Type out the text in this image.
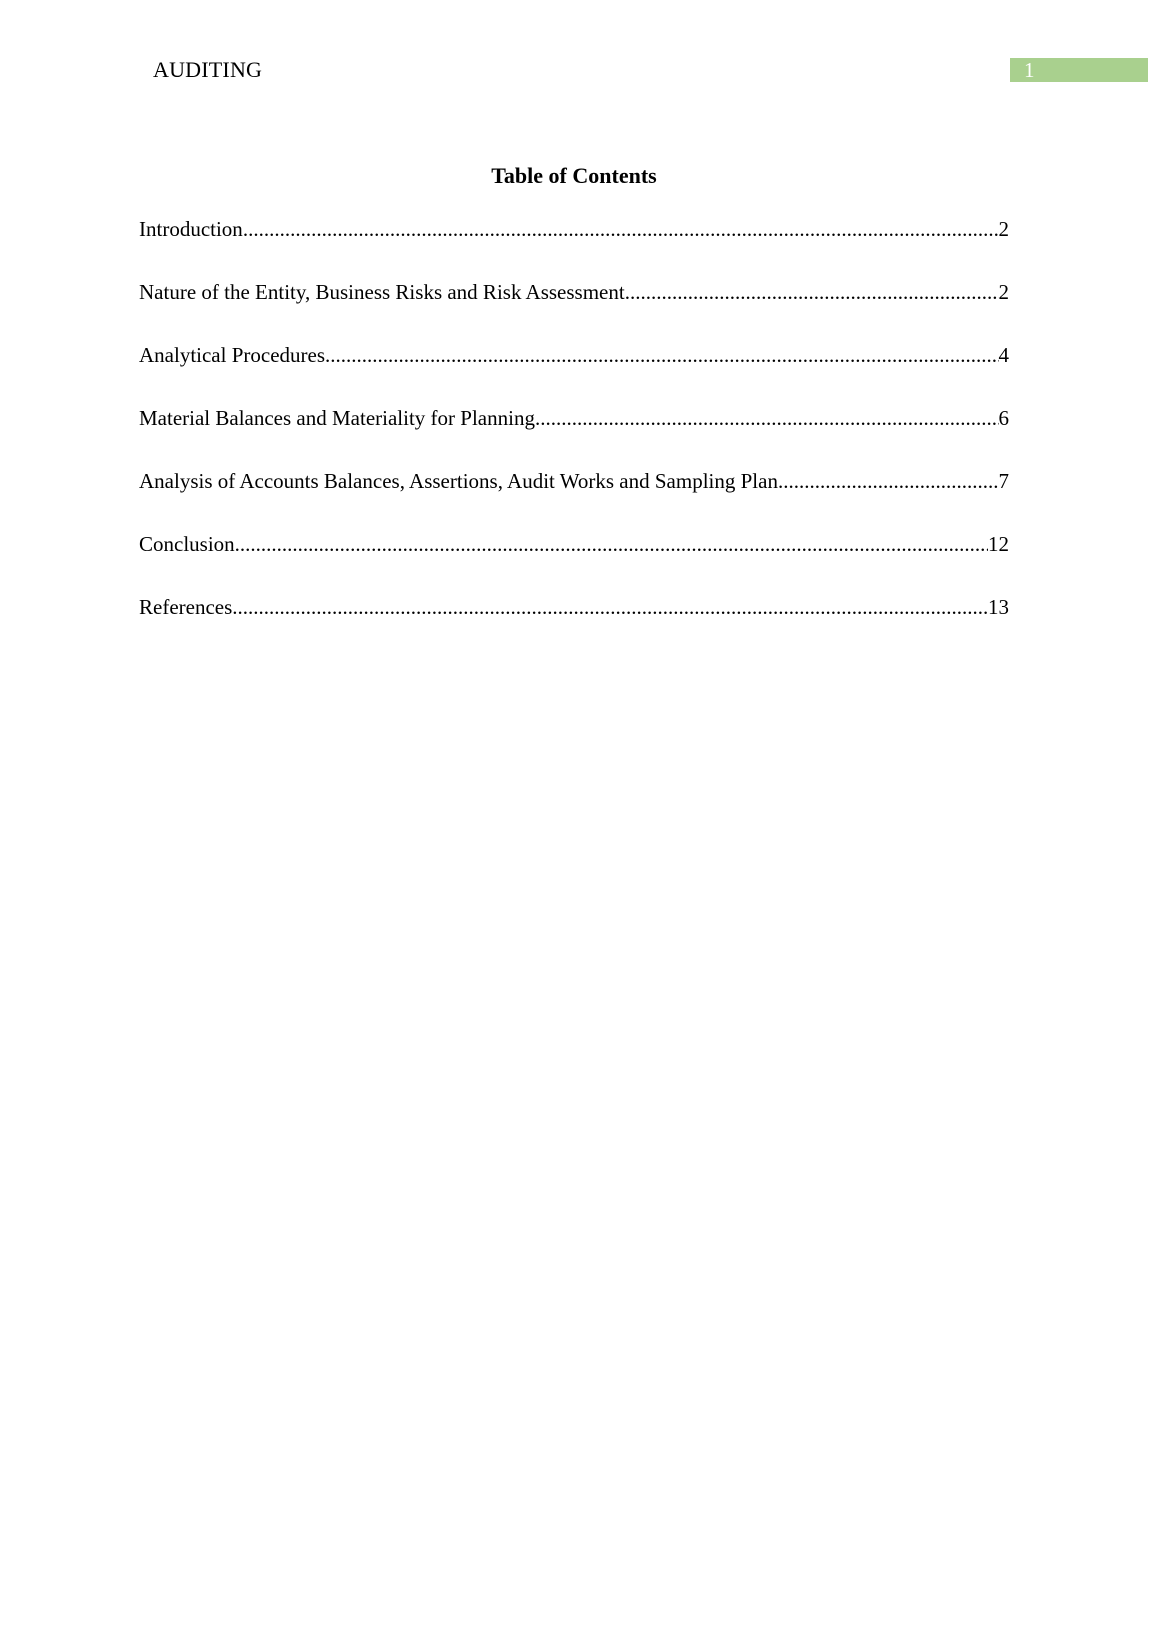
AUDITING	1
Table of Contents
Introduction .....	2
Nature of the Entity, Business Risks and Risk Assessment .....	2
Analytical Procedures .....	4
Material Balances and Materiality for Planning .....	6
Analysis of Accounts Balances, Assertions, Audit Works and Sampling Plan .....	7
Conclusion .....	12
References .....	13
